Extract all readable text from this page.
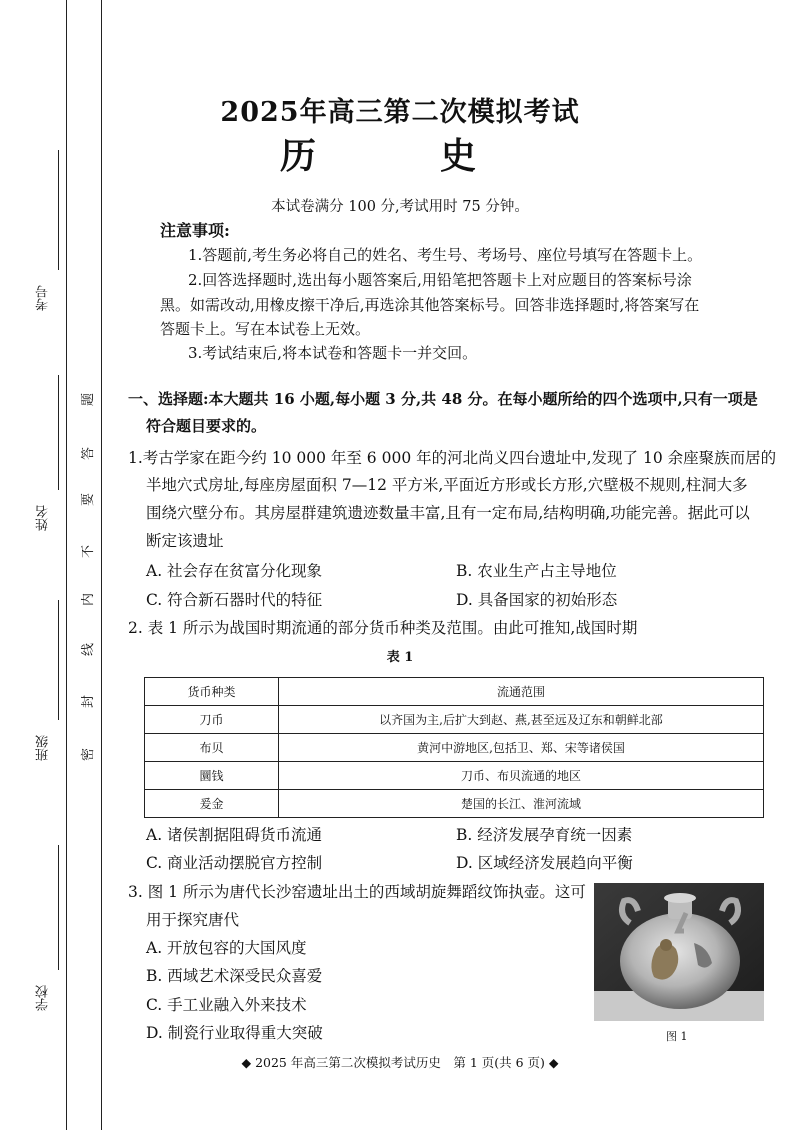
考号
姓名
班级
学校
密
封
线
内
不
要
答
题
2025年高三第二次模拟考试
历　史
本试卷满分 100 分,考试用时 75 分钟。
注意事项:
1.答题前,考生务必将自己的姓名、考生号、考场号、座位号填写在答题卡上。
2.回答选择题时,选出每小题答案后,用铅笔把答题卡上对应题目的答案标号涂
黑。如需改动,用橡皮擦干净后,再选涂其他答案标号。回答非选择题时,将答案写在
答题卡上。写在本试卷上无效。
3.考试结束后,将本试卷和答题卡一并交回。
一、选择题:本大题共 16 小题,每小题 3 分,共 48 分。在每小题所给的四个选项中,只有一项是
符合题目要求的。
1.考古学家在距今约 10 000 年至 6 000 年的河北尚义四台遗址中,发现了 10 余座聚族而居的
半地穴式房址,每座房屋面积 7—12 平方米,平面近方形或长方形,穴壁极不规则,柱洞大多
围绕穴壁分布。其房屋群建筑遗迹数量丰富,且有一定布局,结构明确,功能完善。据此可以
断定该遗址
A. 社会存在贫富分化现象	B. 农业生产占主导地位
C. 符合新石器时代的特征	D. 具备国家的初始形态
2. 表 1 所示为战国时期流通的部分货币种类及范围。由此可推知,战国时期
表 1
货币种类	流通范围
刀币	以齐国为主,后扩大到赵、燕,甚至远及辽东和朝鲜北部
布贝	黄河中游地区,包括卫、郑、宋等诸侯国
圜钱	刀币、布贝流通的地区
爰金	楚国的长江、淮河流域
A. 诸侯割据阻碍货币流通	B. 经济发展孕育统一因素
C. 商业活动摆脱官方控制	D. 区域经济发展趋向平衡
3. 图 1 所示为唐代长沙窑遗址出土的西域胡旋舞蹈纹饰执壶。这可
用于探究唐代
A. 开放包容的大国风度
B. 西域艺术深受民众喜爱
C. 手工业融入外来技术
D. 制瓷行业取得重大突破	图 1
◆ 2025 年高三第二次模拟考试历史　第 1 页(共 6 页) ◆
